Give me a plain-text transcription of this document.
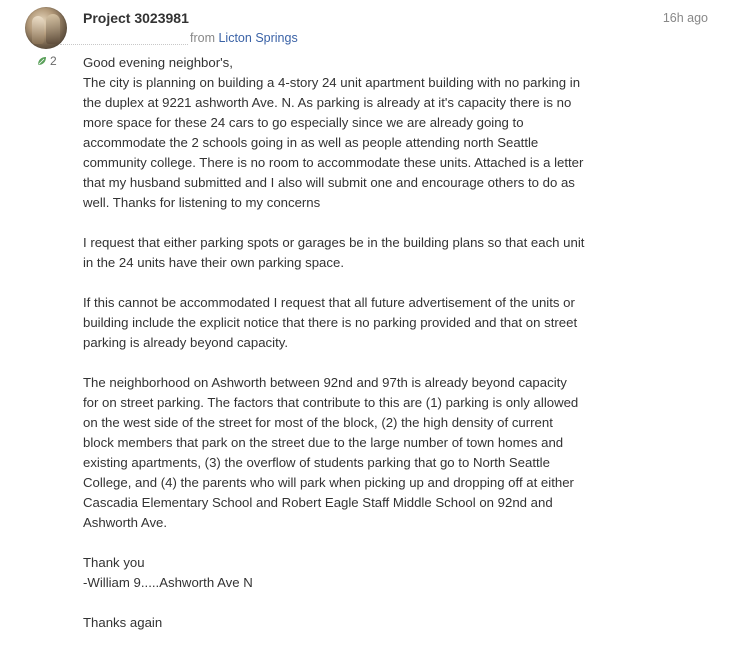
2
Project 3023981	16h ago
from Licton Springs
Good evening neighbor's,
The city is planning on building a 4-story 24 unit apartment building with no parking in
the duplex at 9221 ashworth Ave. N. As parking is already at it's capacity there is no
more space for these 24 cars to go especially since we are already going to
accommodate the 2 schools going in as well as people attending north Seattle
community college. There is no room to accommodate these units. Attached is a letter
that my husband submitted and I also will submit one and encourage others to do as
well. Thanks for listening to my concerns
I request that either parking spots or garages be in the building plans so that each unit
in the 24 units have their own parking space.
If this cannot be accommodated I request that all future advertisement of the units or
building include the explicit notice that there is no parking provided and that on street
parking is already beyond capacity.
The neighborhood on Ashworth between 92nd and 97th is already beyond capacity
for on street parking. The factors that contribute to this are (1) parking is only allowed
on the west side of the street for most of the block, (2) the high density of current
block members that park on the street due to the large number of town homes and
existing apartments, (3) the overflow of students parking that go to North Seattle
College, and (4) the parents who will park when picking up and dropping off at either
Cascadia Elementary School and Robert Eagle Staff Middle School on 92nd and
Ashworth Ave.
Thank you
-William 9.....Ashworth Ave N
Thanks again
